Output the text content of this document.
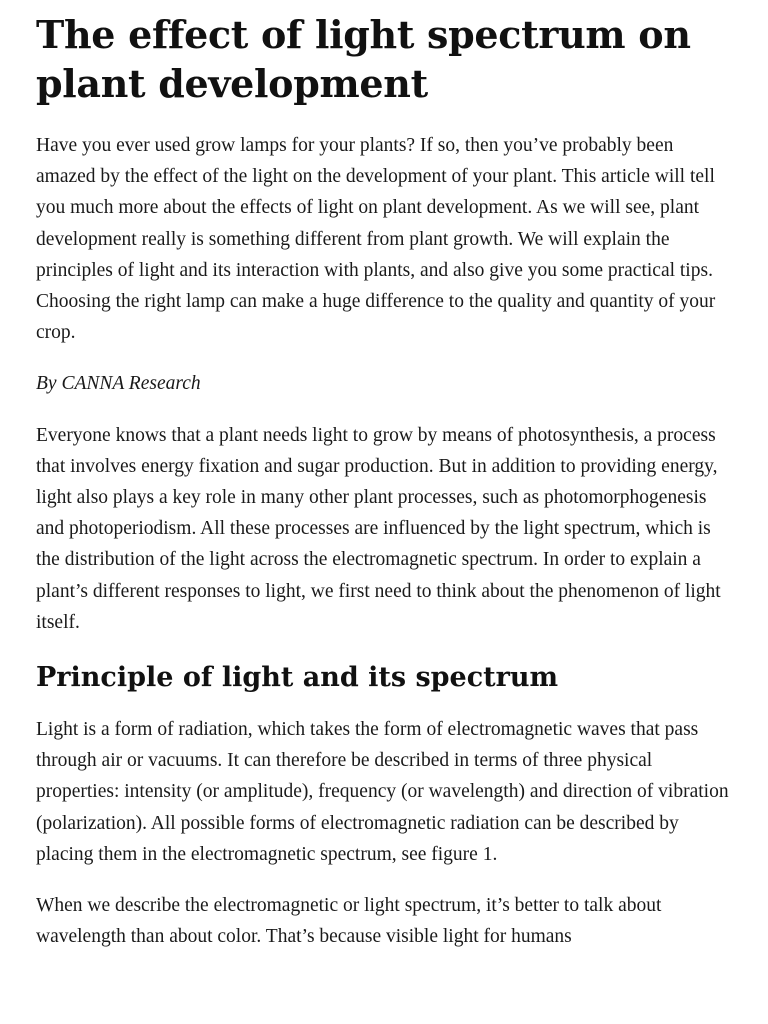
The effect of light spectrum on plant development

Have you ever used grow lamps for your plants? If so, then you’ve probably been amazed by the effect of the light on the development of your plant. This article will tell you much more about the effects of light on plant development. As we will see, plant development really is something different from plant growth. We will explain the principles of light and its interaction with plants, and also give you some practical tips. Choosing the right lamp can make a huge difference to the quality and quantity of your crop.

By CANNA Research

Everyone knows that a plant needs light to grow by means of photosynthesis, a process that involves energy fixation and sugar production. But in addition to providing energy, light also plays a key role in many other plant processes, such as photomorphogenesis and photoperiodism. All these processes are influenced by the light spectrum, which is the distribution of the light across the electromagnetic spectrum. In order to explain a plant’s different responses to light, we first need to think about the phenomenon of light itself.

Principle of light and its spectrum

Light is a form of radiation, which takes the form of electromagnetic waves that pass through air or vacuums. It can therefore be described in terms of three physical properties: intensity (or amplitude), frequency (or wavelength) and direction of vibration (polarization). All possible forms of electromagnetic radiation can be described by placing them in the electromagnetic spectrum, see figure 1.

When we describe the electromagnetic or light spectrum, it’s better to talk about wavelength than about color. That’s because visible light for humans
